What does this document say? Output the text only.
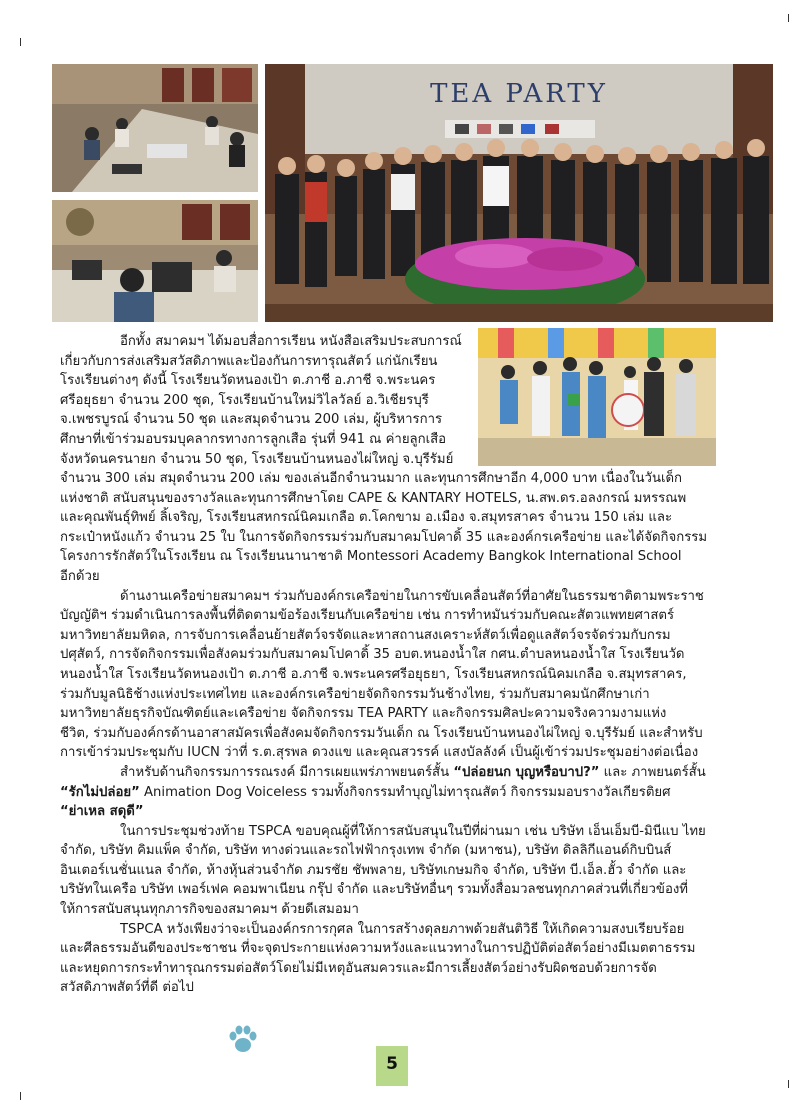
TEA PARTY

อีกทั้ง สมาคมฯ ได้มอบสื่อการเรียน หนังสือเสริมประสบการณ์

เกี่ยวกับการส่งเสริมสวัสดิภาพและป้องกันการทารุณสัตว์ แก่นักเรียน

โรงเรียนต่างๆ ดังนี้ โรงเรียนวัดหนองเป้า ต.ภาชี อ.ภาชี จ.พระนคร

ศรีอยุธยา จำนวน 200 ชุด, โรงเรียนบ้านใหม่วิไลวัลย์ อ.วิเชียรบุรี

จ.เพชรบูรณ์ จำนวน 50 ชุด และสมุดจำนวน 200 เล่ม, ผู้บริหารการ

ศึกษาที่เข้าร่วมอบรมบุคลากรทางการลูกเสือ รุ่นที่ 941 ณ ค่ายลูกเสือ

จังหวัดนครนายก จำนวน 50 ชุด, โรงเรียนบ้านหนองไผ่ใหญ่ จ.บุรีรัมย์

จำนวน 300 เล่ม สมุดจำนวน 200 เล่ม ของเล่นอีกจำนวนมาก และทุนการศึกษาอีก 4,000 บาท เนื่องในวันเด็ก

แห่งชาติ สนับสนุนของรางวัลและทุนการศึกษาโดย CAPE & KANTARY HOTELS, น.สพ.ดร.อลงกรณ์ มหรรณพ

และคุณพันธุ์ทิพย์ ลิ้เจริญ, โรงเรียนสหกรณ์นิคมเกลือ ต.โคกขาม อ.เมือง จ.สมุทรสาคร จำนวน 150 เล่ม และ

กระเป๋าหนังแก้ว จำนวน 25 ใบ ในการจัดกิจกรรมร่วมกับสมาคมโปคาดิ้ 35 และองค์กรเครือข่าย และได้จัดกิจกรรม

โครงการรักสัตว์ในโรงเรียน ณ โรงเรียนนานาชาติ Montessori Academy Bangkok International School

อีกด้วย

ด้านงานเครือข่ายสมาคมฯ ร่วมกับองค์กรเครือข่ายในการขับเคลื่อนสัตว์ที่อาศัยในธรรมชาติตามพระราช

บัญญัติฯ ร่วมดำเนินการลงพื้นที่ติดตามข้อร้องเรียนกับเครือข่าย เช่น การทำหมันร่วมกับคณะสัตวแพทยศาสตร์

มหาวิทยาลัยมหิดล, การจับการเคลื่อนย้ายสัตว์จรจัดและหาสถานสงเคราะห์สัตว์เพื่อดูแลสัตว์จรจัดร่วมกับกรม

ปศุสัตว์, การจัดกิจกรรมเพื่อสังคมร่วมกับสมาคมโปคาดิ้ 35 อบต.หนองน้ำใส กศน.ตำบลหนองน้ำใส โรงเรียนวัด

หนองน้ำใส โรงเรียนวัดหนองเป้า ต.ภาชี อ.ภาชี จ.พระนครศรีอยุธยา, โรงเรียนสหกรณ์นิคมเกลือ จ.สมุทรสาคร,

ร่วมกับมูลนิธิช้างแห่งประเทศไทย และองค์กรเครือข่ายจัดกิจกรรมวันช้างไทย, ร่วมกับสมาคมนักศึกษาเก่า

มหาวิทยาลัยธุรกิจบัณฑิตย์และเครือข่าย จัดกิจกรรม TEA PARTY และกิจกรรมศิลปะความจริงความงามแห่ง

ชีวิต, ร่วมกับองค์กรด้านอาสาสมัครเพื่อสังคมจัดกิจกรรมวันเด็ก ณ โรงเรียนบ้านหนองไผ่ใหญ่ จ.บุรีรัมย์ และสำหรับ

การเข้าร่วมประชุมกับ IUCN ว่าที่ ร.ต.สุรพล ดวงแข และคุณสวรรค์ แสงบัลลังค์ เป็นผู้เข้าร่วมประชุมอย่างต่อเนื่อง

สำหรับด้านกิจกรรมการรณรงค์ มีการเผยแพร่ภาพยนตร์สั้น “ปล่อยนก บุญหรือบาป?” และ ภาพยนตร์สั้น

“รักไม่ปล่อย” Animation Dog Voiceless รวมทั้งกิจกรรมทำบุญไม่ทารุณสัตว์ กิจกรรมมอบรางวัลเกียรติยศ

“ย่าเหล สดุดี”

ในการประชุมช่วงท้าย TSPCA ขอบคุณผู้ที่ให้การสนับสนุนในปีที่ผ่านมา เช่น บริษัท เอ็นเอ็มบี-มินีแบ ไทย

จำกัด, บริษัท คิมแพ็ค จำกัด, บริษัท ทางด่วนและรถไฟฟ้ากรุงเทพ จำกัด (มหาชน), บริษัท ดิลลิกีแอนด์กิบบินส์

อินเตอร์เนชั่นแนล จำกัด, ห้างหุ้นส่วนจำกัด ภมรชัย ชัพพลาย, บริษัทเกษมกิจ จำกัด, บริษัท บี.เอ็ล.ฮั้ว จำกัด และ

บริษัทในเครือ บริษัท เพอร์เฟค คอมพาเนียน กรุ๊ป จำกัด และบริษัทอื่นๆ รวมทั้งสื่อมวลชนทุกภาคส่วนที่เกี่ยวข้องที่

ให้การสนับสนุนทุกภารกิจของสมาคมฯ ด้วยดีเสมอมา

TSPCA หวังเพียงว่าจะเป็นองค์กรการกุศล ในการสร้างดุลยภาพด้วยสันติวิธี ให้เกิดความสงบเรียบร้อย

และศีลธรรมอันดีของประชาชน ที่จะจุดประกายแห่งความหวังและแนวทางในการปฏิบัติต่อสัตว์อย่างมีเมตตาธรรม

และหยุดการกระทำทารุณกรรมต่อสัตว์โดยไม่มีเหตุอันสมควรและมีการเลี้ยงสัตว์อย่างรับผิดชอบด้วยการจัด

สวัสดิภาพสัตว์ที่ดี ต่อไป

5
